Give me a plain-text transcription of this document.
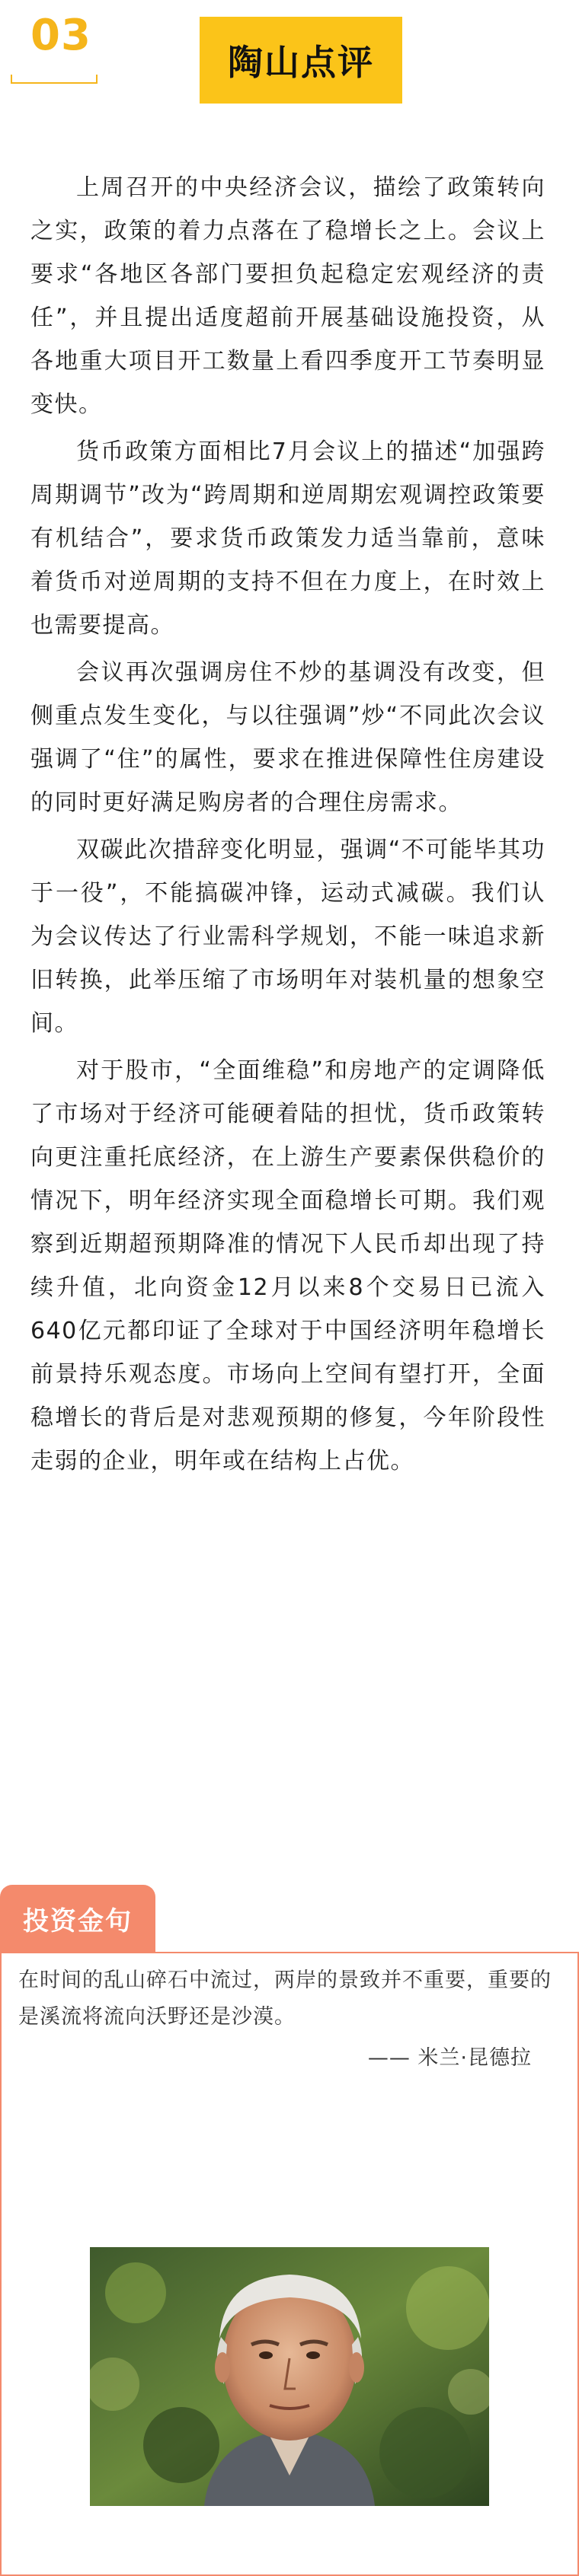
03
陶山点评

上周召开的中央经济会议，描绘了政策转向之实，政策的着力点落在了稳增长之上。会议上要求“各地区各部门要担负起稳定宏观经济的责任”，并且提出适度超前开展基础设施投资，从各地重大项目开工数量上看四季度开工节奏明显变快。

货币政策方面相比7月会议上的描述“加强跨周期调节”改为“跨周期和逆周期宏观调控政策要有机结合”，要求货币政策发力适当靠前，意味着货币对逆周期的支持不但在力度上，在时效上也需要提高。

会议再次强调房住不炒的基调没有改变，但侧重点发生变化，与以往强调”炒“不同此次会议强调了“住”的属性，要求在推进保障性住房建设的同时更好满足购房者的合理住房需求。

双碳此次措辞变化明显，强调“不可能毕其功于一役”，不能搞碳冲锋，运动式减碳。我们认为会议传达了行业需科学规划，不能一味追求新旧转换，此举压缩了市场明年对装机量的想象空间。

对于股市，“全面维稳”和房地产的定调降低了市场对于经济可能硬着陆的担忧，货币政策转向更注重托底经济，在上游生产要素保供稳价的情况下，明年经济实现全面稳增长可期。我们观察到近期超预期降准的情况下人民币却出现了持续升值，北向资金12月以来8个交易日已流入640亿元都印证了全球对于中国经济明年稳增长前景持乐观态度。市场向上空间有望打开，全面稳增长的背后是对悲观预期的修复，今年阶段性走弱的企业，明年或在结构上占优。

投资金句

在时间的乱山碎石中流过，两岸的景致并不重要，重要的是溪流将流向沃野还是沙漠。

—— 米兰·昆德拉
